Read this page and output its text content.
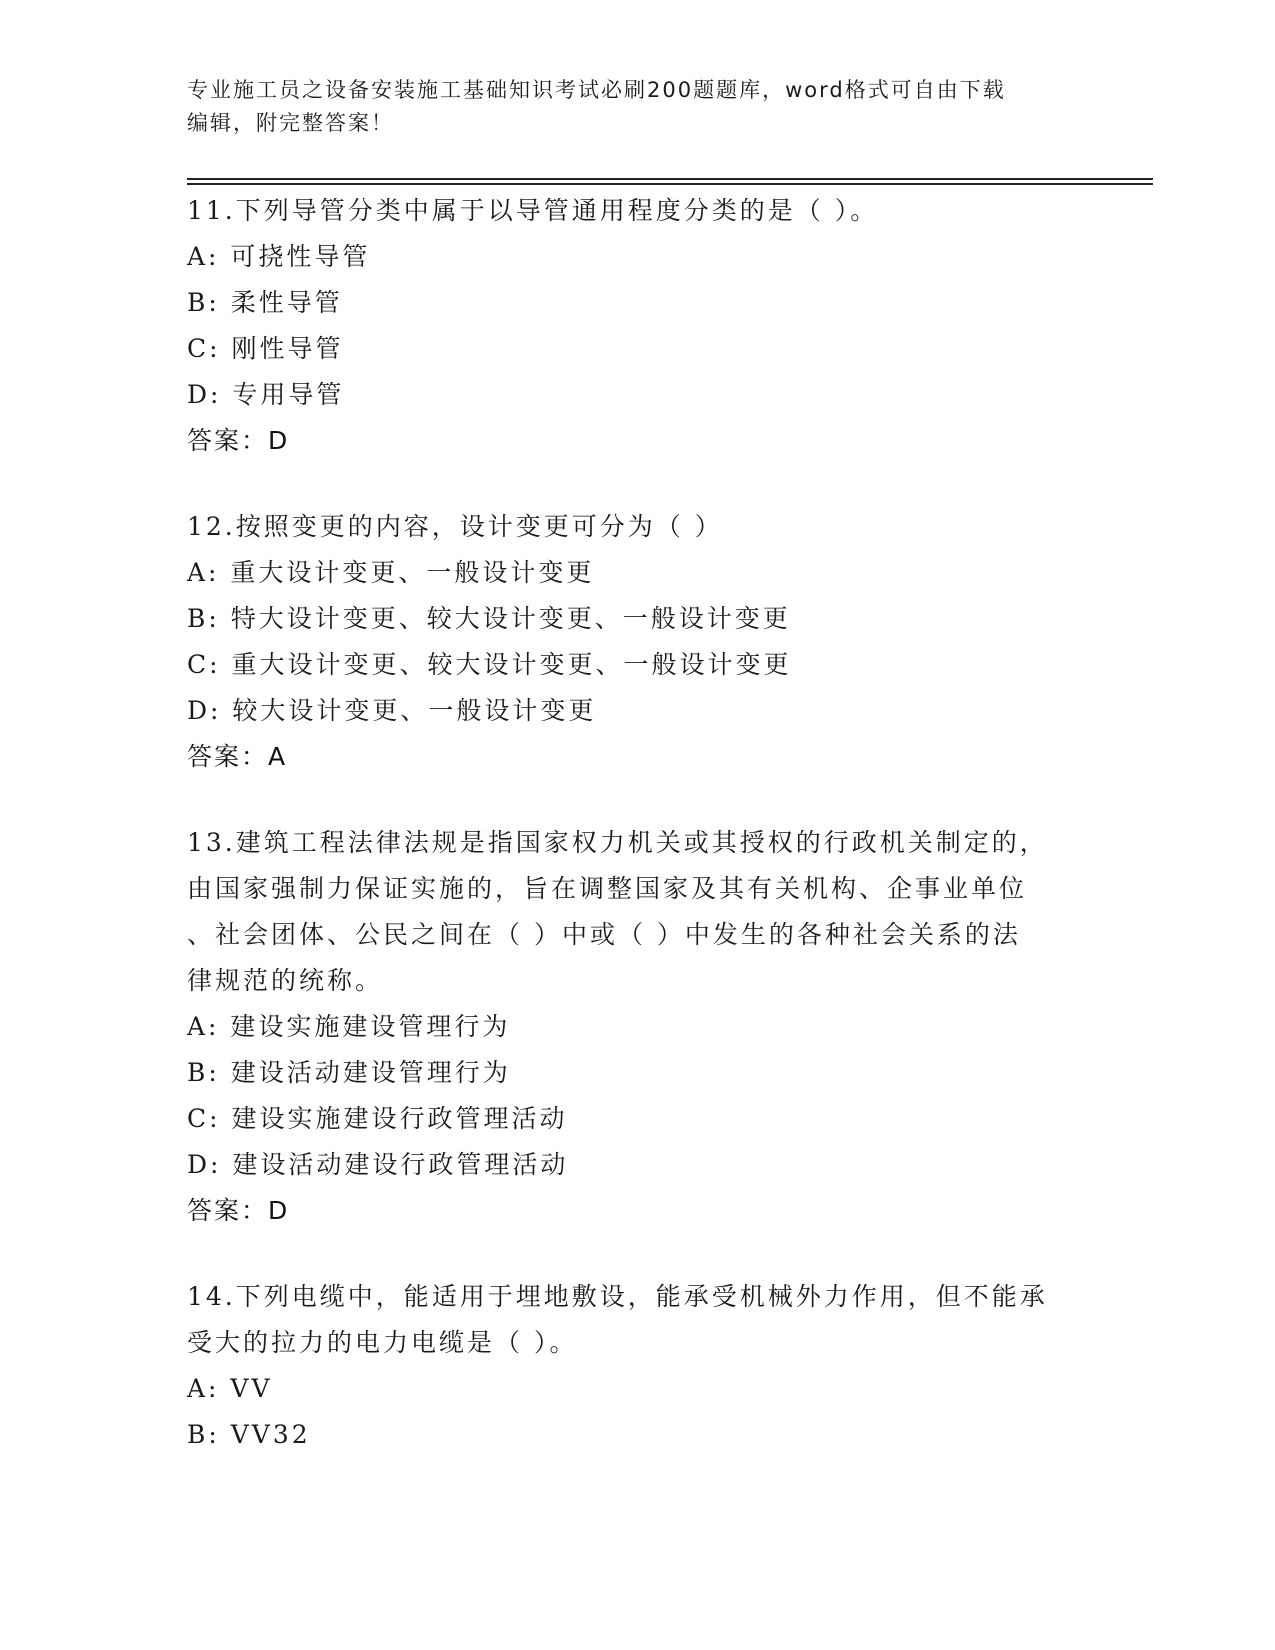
专业施工员之设备安装施工基础知识考试必刷200题题库，word格式可自由下载
编辑，附完整答案！
11.下列导管分类中属于以导管通用程度分类的是（ ）。
A: 可挠性导管
B: 柔性导管
C: 刚性导管
D: 专用导管
答案：D
12.按照变更的内容，设计变更可分为（ ）
A: 重大设计变更、一般设计变更
B: 特大设计变更、较大设计变更、一般设计变更
C: 重大设计变更、较大设计变更、一般设计变更
D: 较大设计变更、一般设计变更
答案：A
13.建筑工程法律法规是指国家权力机关或其授权的行政机关制定的，
由国家强制力保证实施的，旨在调整国家及其有关机构、企事业单位
、社会团体、公民之间在（ ）中或（ ）中发生的各种社会关系的法
律规范的统称。
A: 建设实施建设管理行为
B: 建设活动建设管理行为
C: 建设实施建设行政管理活动
D: 建设活动建设行政管理活动
答案：D
14.下列电缆中，能适用于埋地敷设，能承受机械外力作用，但不能承
受大的拉力的电力电缆是（ ）。
A: VV
B: VV32
